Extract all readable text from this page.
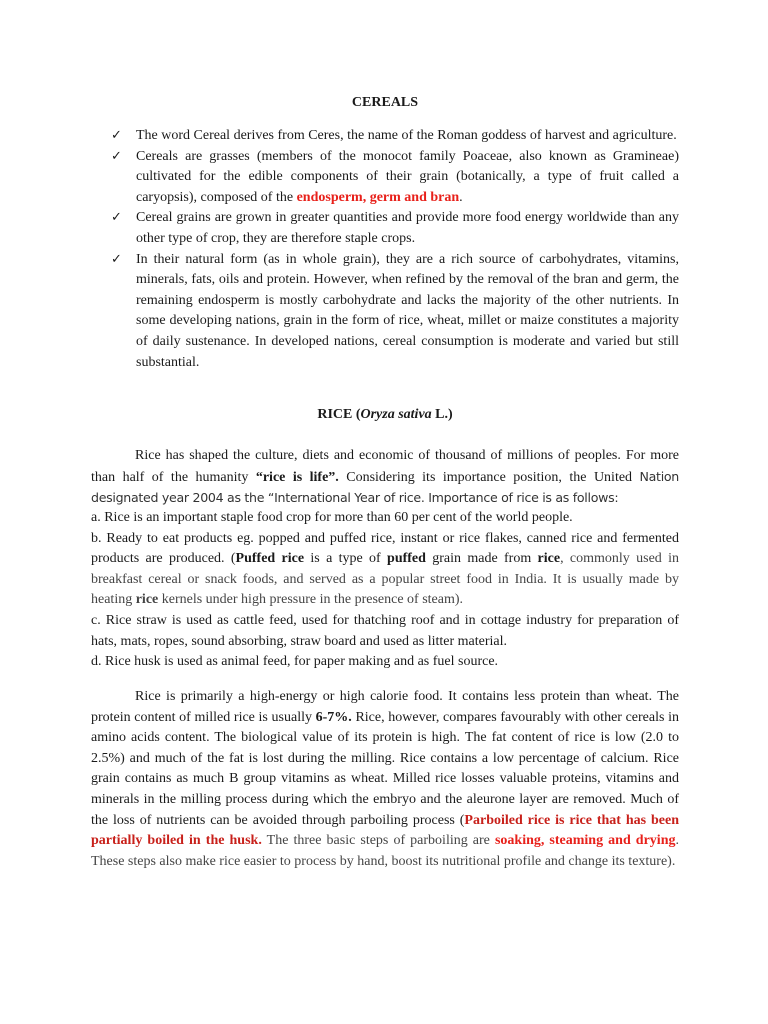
CEREALS
✓ The word Cereal derives from Ceres, the name of the Roman goddess of harvest and agriculture.
✓ Cereals are grasses (members of the monocot family Poaceae, also known as Gramineae) cultivated for the edible components of their grain (botanically, a type of fruit called a caryopsis), composed of the endosperm, germ and bran.
✓ Cereal grains are grown in greater quantities and provide more food energy worldwide than any other type of crop, they are therefore staple crops.
✓ In their natural form (as in whole grain), they are a rich source of carbohydrates, vitamins, minerals, fats, oils and protein. However, when refined by the removal of the bran and germ, the remaining endosperm is mostly carbohydrate and lacks the majority of the other nutrients. In some developing nations, grain in the form of rice, wheat, millet or maize constitutes a majority of daily sustenance. In developed nations, cereal consumption is moderate and varied but still substantial.
RICE (Oryza sativa L.)
Rice has shaped the culture, diets and economic of thousand of millions of peoples. For more than half of the humanity “rice is life”. Considering its importance position, the United Nation designated year 2004 as the “International Year of rice. Importance of rice is as follows:
a. Rice is an important staple food crop for more than 60 per cent of the world people.
b. Ready to eat products eg. popped and puffed rice, instant or rice flakes, canned rice and fermented products are produced. (Puffed rice is a type of puffed grain made from rice, commonly used in breakfast cereal or snack foods, and served as a popular street food in India. It is usually made by heating rice kernels under high pressure in the presence of steam).
c. Rice straw is used as cattle feed, used for thatching roof and in cottage industry for preparation of hats, mats, ropes, sound absorbing, straw board and used as litter material.
d. Rice husk is used as animal feed, for paper making and as fuel source.
Rice is primarily a high-energy or high calorie food. It contains less protein than wheat. The protein content of milled rice is usually 6-7%. Rice, however, compares favourably with other cereals in amino acids content. The biological value of its protein is high. The fat content of rice is low (2.0 to 2.5%) and much of the fat is lost during the milling. Rice contains a low percentage of calcium. Rice grain contains as much B group vitamins as wheat. Milled rice losses valuable proteins, vitamins and minerals in the milling process during which the embryo and the aleurone layer are removed. Much of the loss of nutrients can be avoided through parboiling process (Parboiled rice is rice that has been partially boiled in the husk. The three basic steps of parboiling are soaking, steaming and drying. These steps also make rice easier to process by hand, boost its nutritional profile and change its texture).
